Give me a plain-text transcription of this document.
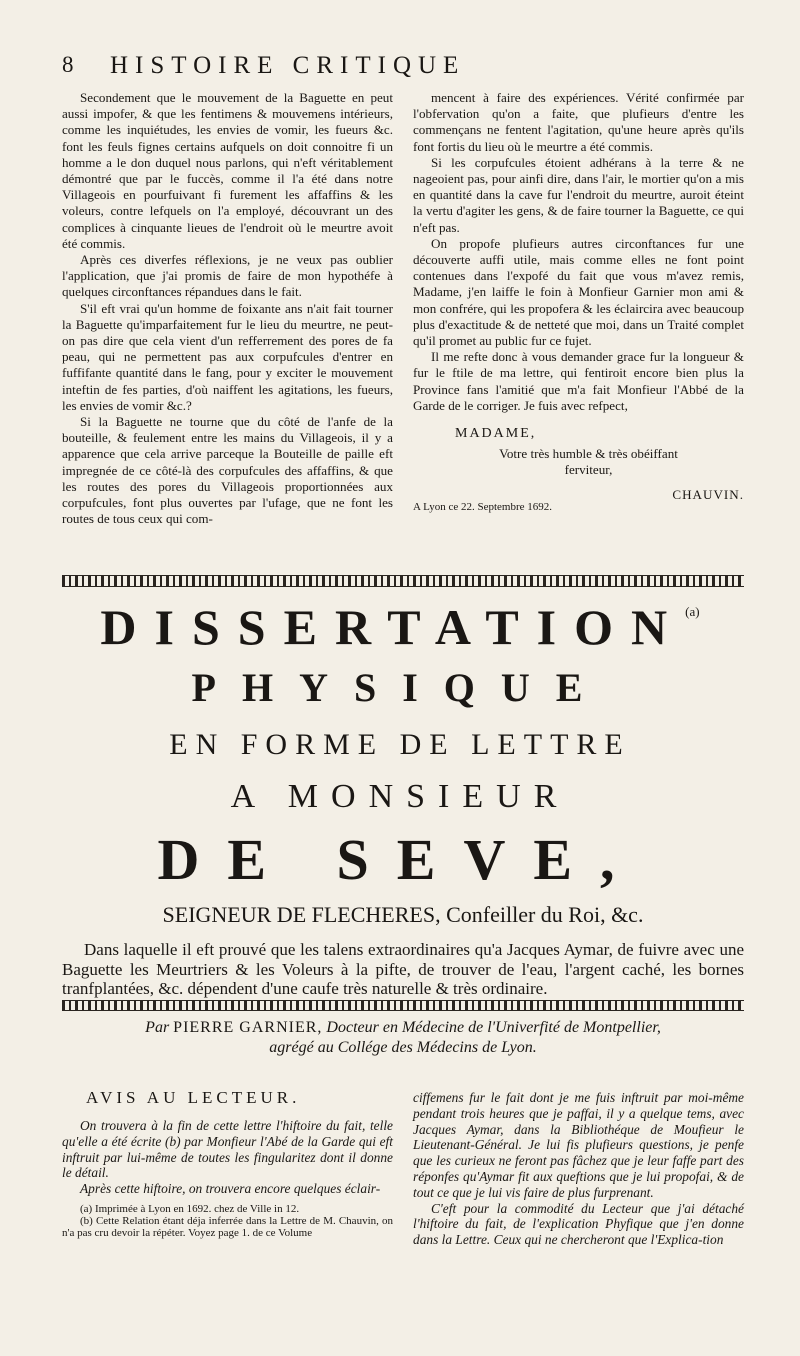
8 HISTOIRE CRITIQUE

Secondement que le mouvement de la Baguette en peut aussi impofer, & que les fentimens & mouvemens intérieurs, comme les inquiétudes, les envies de vomir, les fueurs &c. font les feuls fignes certains aufquels on doit connoitre fi un homme a le don duquel nous parlons, qui n'eft véritablement démontré que par le fuccès, comme il l'a été dans notre Villageois en pourfuivant fi furement les affaffins & les voleurs, contre lefquels on l'a employé, découvrant un des complices à cinquante lieues de l'endroit où le meurtre avoit été commis.

Après ces diverfes réflexions, je ne veux pas oublier l'application, que j'ai promis de faire de mon hypothéfe à quelques circonftances répandues dans le fait.

S'il eft vrai qu'un homme de foixante ans n'ait fait tourner la Baguette qu'imparfaitement fur le lieu du meurtre, ne peut-on pas dire que cela vient d'un refferrement des pores de fa peau, qui ne permettent pas aux corpufcules d'entrer en fuffifante quantité dans le fang, pour y exciter le mouvement inteftin de fes parties, d'où naiffent les agitations, les fueurs, les envies de vomir &c.?

Si la Baguette ne tourne que du côté de l'anfe de la bouteille, & feulement entre les mains du Villageois, il y a apparence que cela arrive parceque la Bouteille de paille eft impregnée de ce côté-là des corpufcules des affaffins, & que les routes des pores du Villageois proportionnées aux corpufcules, font plus ouvertes par l'ufage, que ne font les routes de tous ceux qui com-

mencent à faire des expériences. Vérité confirmée par l'obfervation qu'on a faite, que plufieurs d'entre les commençans ne fentent l'agitation, qu'une heure après qu'ils font fortis du lieu où le meurtre a été commis.

Si les corpufcules étoient adhérans à la terre & ne nageoient pas, pour ainfi dire, dans l'air, le mortier qu'on a mis en quantité dans la cave fur l'endroit du meurtre, auroit éteint la vertu d'agiter les gens, & de faire tourner la Baguette, ce qui n'eft pas.

On propofe plufieurs autres circonftances fur une découverte auffi utile, mais comme elles ne font point contenues dans l'expofé du fait que vous m'avez remis, Madame, j'en laiffe le foin à Monfieur Garnier mon ami & mon confrére, qui les propofera & les éclaircira avec beaucoup plus d'exactitude & de netteté que moi, dans un Traité complet qu'il promet au public fur ce fujet.

Il me refte donc à vous demander grace fur la longueur & fur le ftile de ma lettre, qui fentiroit encore bien plus la Province fans l'amitié que m'a fait Monfieur l'Abbé de la Garde de le corriger. Je fuis avec refpect,

MADAME,

Votre très humble & très obéiffant

ferviteur,

CHAUVIN.

A Lyon ce 22. Septembre 1692.

DISSERTATION$^{(a)}$
PHYSIQUE
EN FORME DE LETTRE
A MONSIEUR
DE SEVE,
SEIGNEUR DE FLECHERES, Confeiller du Roi, &c.
Dans laquelle il eft prouvé que les talens extraordinaires qu'a Jacques Aymar, de fuivre avec une Baguette les Meurtriers & les Voleurs à la pifte, de trouver de l'eau, l'argent caché, les bornes tranfplantées, &c. dépendent d'une caufe très naturelle & très ordinaire.
Par PIERRE GARNIER, Docteur en Médecine de l'Univerfité de Montpellier,
agrégé au Collége des Médecins de Lyon.
AVIS AU LECTEUR.

On trouvera à la fin de cette lettre l'hiftoire du fait, telle qu'elle a été écrite (b) par Monfieur l'Abé de la Garde qui eft inftruit par lui-même de toutes les fingularitez dont il donne le détail.

Après cette hiftoire, on trouvera encore quelques éclair-

(a) Imprimée à Lyon en 1692. chez de Ville in 12.

(b) Cette Relation étant déja inferrée dans la Lettre de M. Chauvin, on n'a pas cru devoir la répéter. Voyez page 1. de ce Volume

ciffemens fur le fait dont je me fuis inftruit par moi-même pendant trois heures que je paffai, il y a quelque tems, avec Jacques Aymar, dans la Bibliothéque de Moufieur le Lieutenant-Général. Je lui fis plufieurs questions, je penfe que les curieux ne feront pas fâchez que je leur faffe part des réponfes qu'Aymar fit aux queftions que je lui propofai, & de tout ce que je lui vis faire de plus furprenant.

C'eft pour la commodité du Lecteur que j'ai détaché l'hiftoire du fait, de l'explication Phyfique que j'en donne dans la Lettre. Ceux qui ne chercheront que l'Explica-tion
